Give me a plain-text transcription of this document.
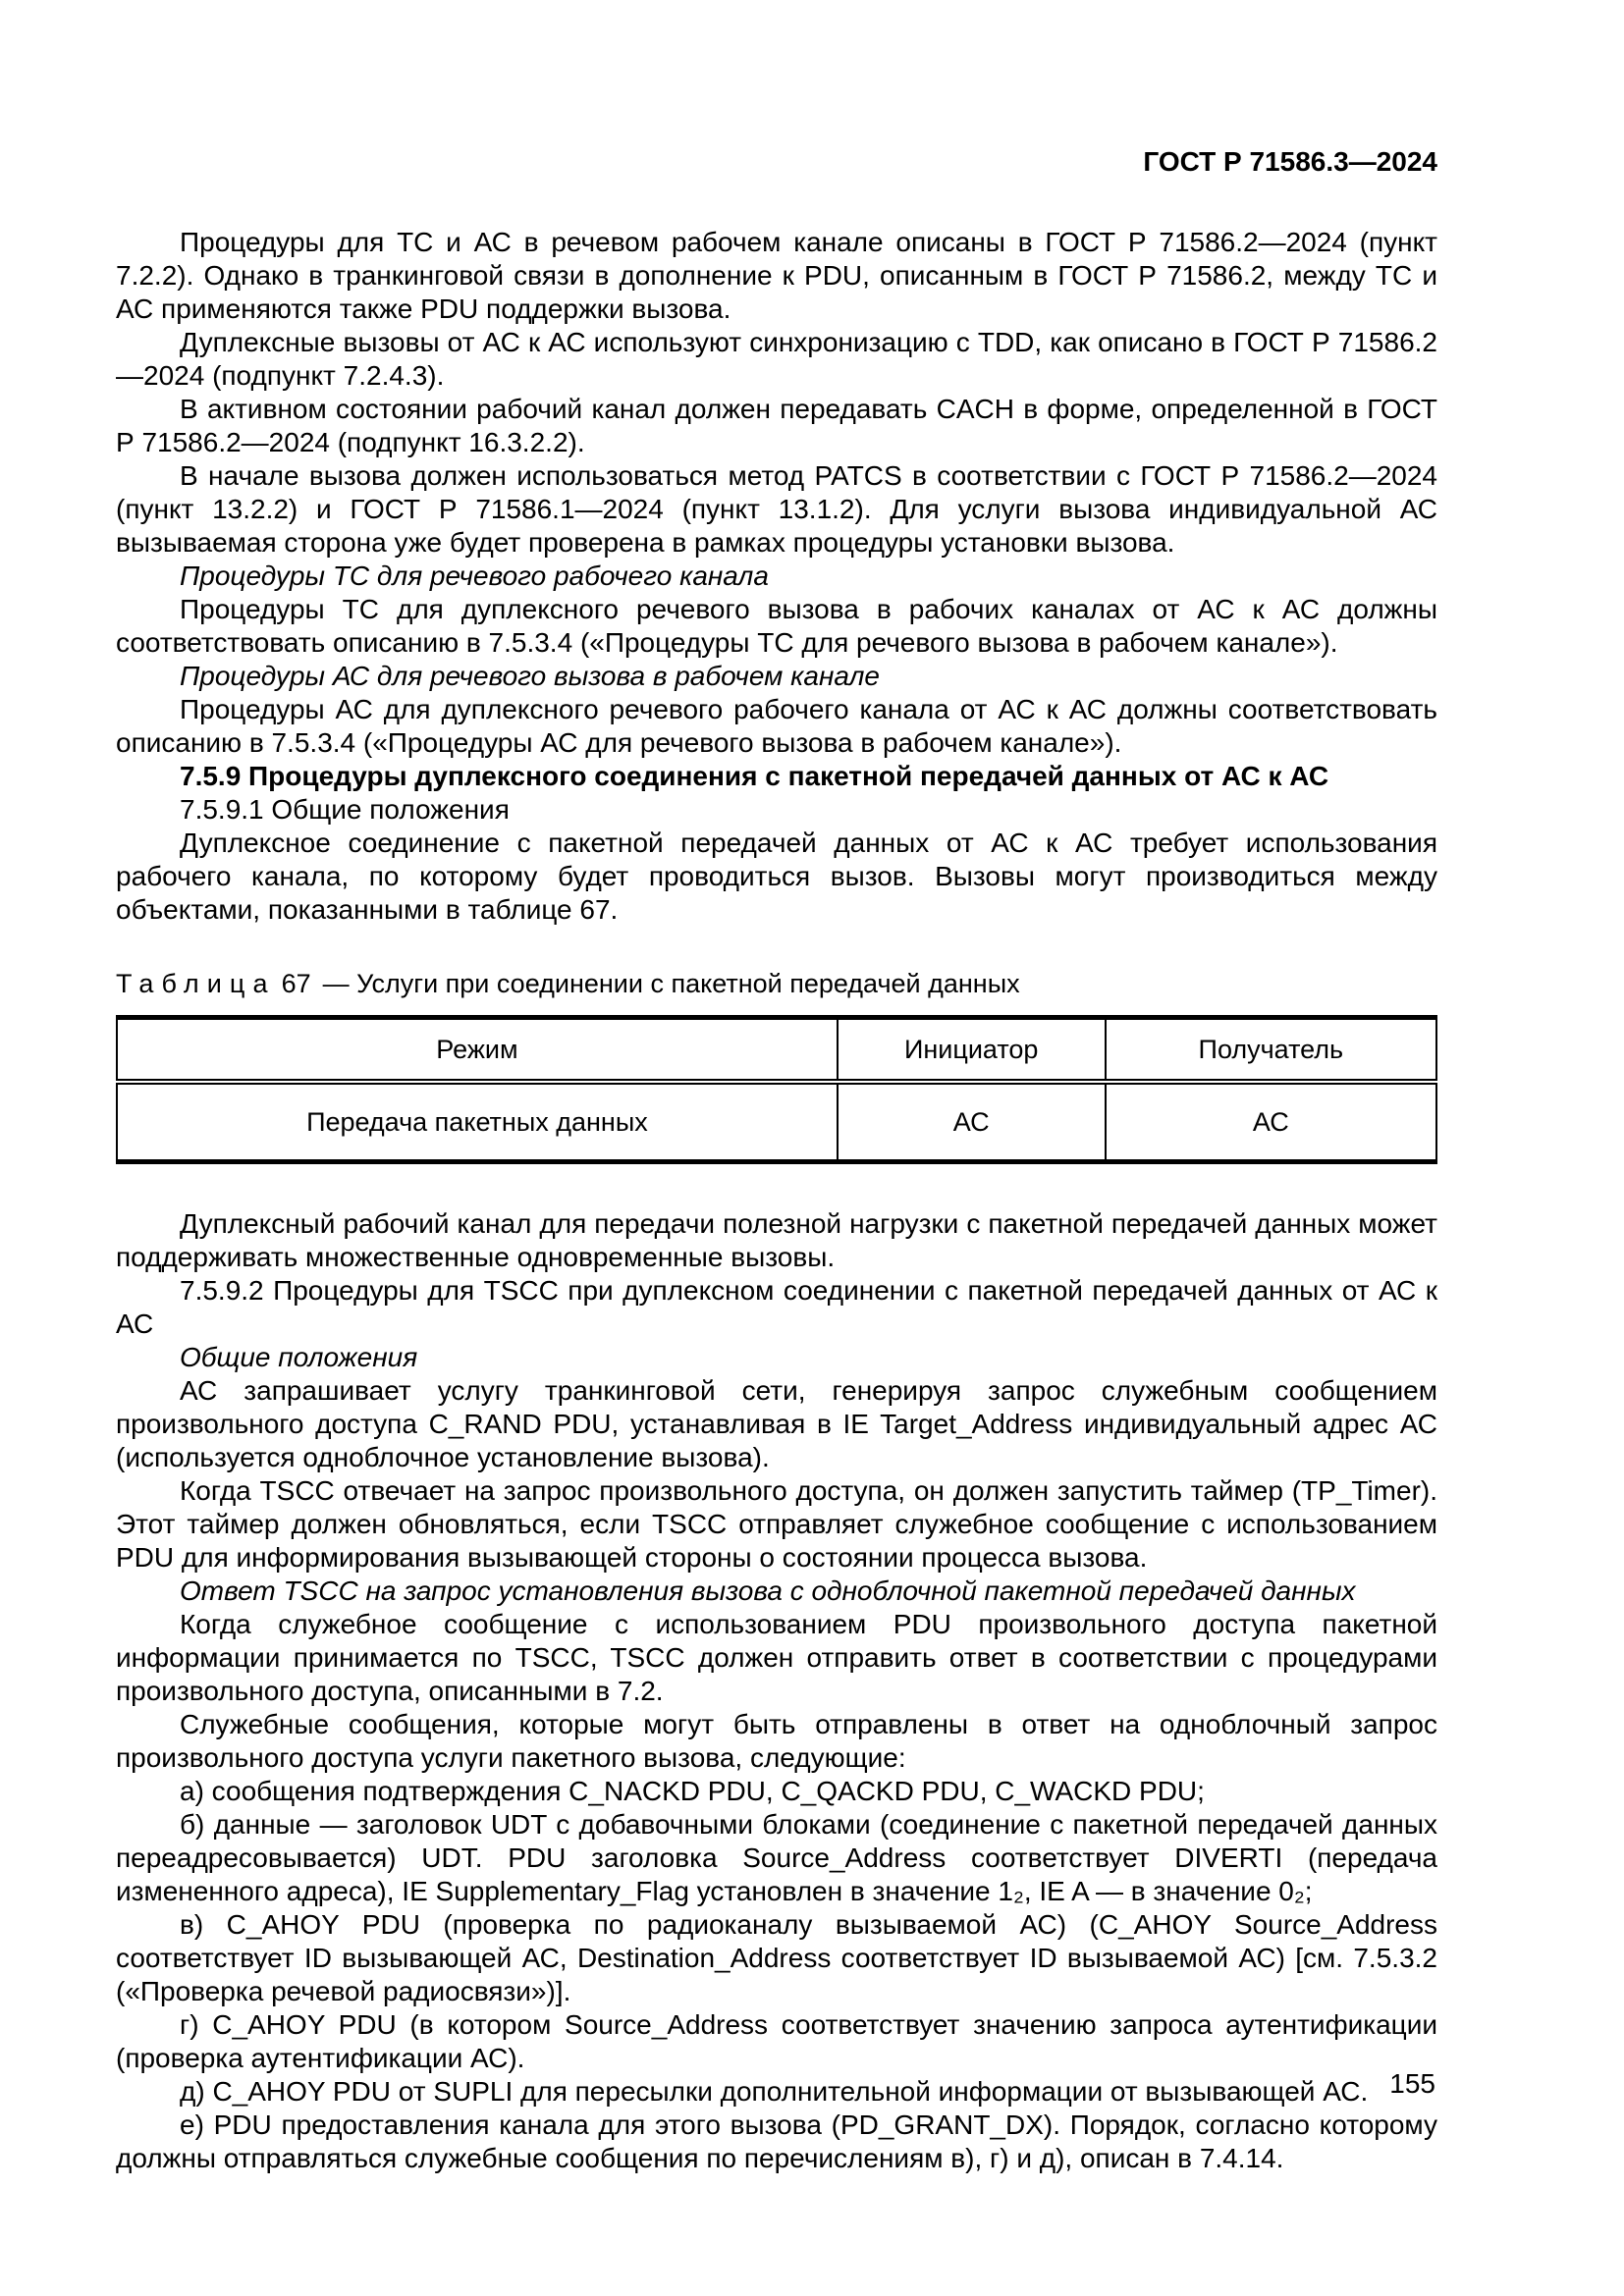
ГОСТ Р 71586.3—2024

Процедуры для ТС и АС в речевом рабочем канале описаны в ГОСТ Р 71586.2—2024 (пункт 7.2.2). Однако в транкинговой связи в дополнение к PDU, описанным в ГОСТ Р 71586.2, между ТС и АС применяются также PDU поддержки вызова.

Дуплексные вызовы от АС к АС используют синхронизацию с TDD, как описано в ГОСТ Р 71586.2—2024 (подпункт 7.2.4.3).

В активном состоянии рабочий канал должен передавать CACH в форме, определенной в ГОСТ Р 71586.2—2024 (подпункт 16.3.2.2).

В начале вызова должен использоваться метод PATCS в соответствии с ГОСТ Р 71586.2—2024 (пункт 13.2.2) и ГОСТ Р 71586.1—2024 (пункт 13.1.2). Для услуги вызова индивидуальной АС вызываемая сторона уже будет проверена в рамках процедуры установки вызова.

Процедуры ТС для речевого рабочего канала

Процедуры ТС для дуплексного речевого вызова в рабочих каналах от АС к АС должны соответствовать описанию в 7.5.3.4 («Процедуры ТС для речевого вызова в рабочем канале»).

Процедуры АС для речевого вызова в рабочем канале

Процедуры АС для дуплексного речевого рабочего канала от АС к АС должны соответствовать описанию в 7.5.3.4 («Процедуры АС для речевого вызова в рабочем канале»).

7.5.9 Процедуры дуплексного соединения с пакетной передачей данных от АС к АС

7.5.9.1 Общие положения

Дуплексное соединение с пакетной передачей данных от АС к АС требует использования рабочего канала, по которому будет проводиться вызов. Вызовы могут производиться между объектами, показанными в таблице 67.

Таблица 67 — Услуги при соединении с пакетной передачей данных

Режим	Инициатор	Получатель
Передача пакетных данных	АС	АС

Дуплексный рабочий канал для передачи полезной нагрузки с пакетной передачей данных может поддерживать множественные одновременные вызовы.

7.5.9.2 Процедуры для TSCC при дуплексном соединении с пакетной передачей данных от АС к АС

Общие положения

АС запрашивает услугу транкинговой сети, генерируя запрос служебным сообщением произвольного доступа C_RAND PDU, устанавливая в IE Target_Address индивидуальный адрес АС (используется одноблочное установление вызова).

Когда TSCC отвечает на запрос произвольного доступа, он должен запустить таймер (TP_Timer). Этот таймер должен обновляться, если TSCC отправляет служебное сообщение с использованием PDU для информирования вызывающей стороны о состоянии процесса вызова.

Ответ TSCC на запрос установления вызова с одноблочной пакетной передачей данных

Когда служебное сообщение с использованием PDU произвольного доступа пакетной информации принимается по TSCC, TSCC должен отправить ответ в соответствии с процедурами произвольного доступа, описанными в 7.2.

Служебные сообщения, которые могут быть отправлены в ответ на одноблочный запрос произвольного доступа услуги пакетного вызова, следующие:

а) сообщения подтверждения C_NACKD PDU, C_QACKD PDU, C_WACKD PDU;

б) данные — заголовок UDT с добавочными блоками (соединение с пакетной передачей данных переадресовывается) UDT. PDU заголовка Source_Address соответствует DIVERTI (передача измененного адреса), IE Supplementary_Flag установлен в значение 1₂, IE A — в значение 0₂;

в) C_AHOY PDU (проверка по радиоканалу вызываемой АС) (C_AHOY Source_Address соответствует ID вызывающей АС, Destination_Address соответствует ID вызываемой АС) [см. 7.5.3.2 («Проверка речевой радиосвязи»)].

г) C_AHOY PDU (в котором Source_Address соответствует значению запроса аутентификации (проверка аутентификации АС).

д) C_AHOY PDU от SUPLI для пересылки дополнительной информации от вызывающей АС.

е) PDU предоставления канала для этого вызова (PD_GRANT_DX). Порядок, согласно которому должны отправляться служебные сообщения по перечислениям в), г) и д), описан в 7.4.14.

155
